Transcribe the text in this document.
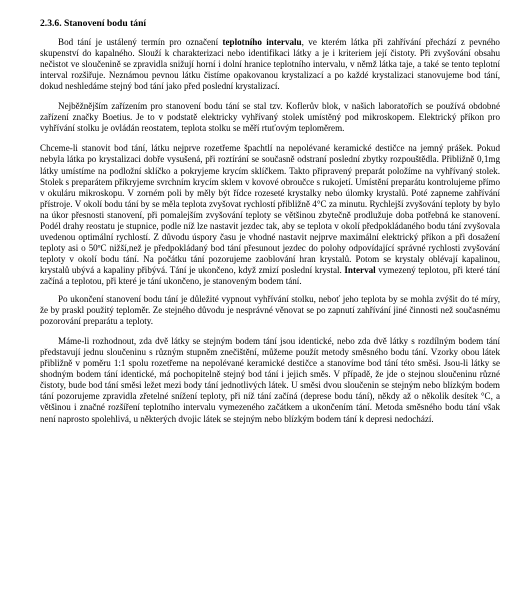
2.3.6. Stanovení bodu tání

Bod tání je ustálený termín pro označení teplotního intervalu, ve kterém látka při zahřívání přechází z pevného skupenství do kapalného. Slouží k charakterizaci nebo identifikaci látky a je i kriteriem její čistoty. Při zvyšování obsahu nečistot ve sloučenině se zpravidla snižují horní i dolní hranice teplotního intervalu, v němž látka taje, a také se tento teplotní interval rozšiřuje. Neznámou pevnou látku čistíme opakovanou krystalizací a po každé krystalizaci stanovujeme bod tání, dokud neshledáme stejný bod tání jako před poslední krystalizací.

Nejběžnějším zařízením pro stanovení bodu tání se stal tzv. Koflerův blok, v našich laboratořích se používá obdobné zařízení značky Boetius. Je to v podstatě elektricky vyhřívaný stolek umístěný pod mikroskopem. Elektrický příkon pro vyhřívání stolku je ovládán reostatem, teplota stolku se měří rtuťovým teploměrem.

Chceme-li stanovit bod tání, látku nejprve rozetřeme špachtlí na nepolévané keramické destičce na jemný prášek. Pokud nebyla látka po krystalizaci dobře vysušená, při roztírání se současně odstraní poslední zbytky rozpouštědla. Přibližně 0,1mg látky umístíme na podložní sklíčko a pokryjeme krycím sklíčkem. Takto připravený preparát položíme na vyhřívaný stolek. Stolek s preparátem přikryjeme svrchním krycím sklem v kovové obroučce s rukojetí. Umístění preparátu kontrolujeme přímo v okuláru mikroskopu. V zorném poli by měly být řídce rozeseté krystalky nebo úlomky krystalů. Poté zapneme zahřívání přístroje. V okolí bodu tání by se měla teplota zvyšovat rychlostí přibližně 4°C za minutu. Rychlejší zvyšování teploty by bylo na úkor přesnosti stanovení, při pomalejším zvyšování teploty se většinou zbytečně prodlužuje doba potřebná ke stanovení. Podél drahy reostatu je stupnice, podle níž lze nastavit jezdec tak, aby se teplota v okolí předpokládaného bodu tání zvyšovala uvedenou optimální rychlostí. Z důvodu úspory času je vhodné nastavit nejprve maximální elektrický příkon a při dosažení teploty asi o 50ºC nižší,než je předpokládaný bod tání přesunout jezdec do polohy odpovídající správné rychlosti zvyšování teploty v okolí bodu tání. Na počátku tání pozorujeme zaoblování hran krystalů. Potom se krystaly oblévají kapalinou, krystalů ubývá a kapaliny přibývá. Tání je ukončeno, když zmizí poslední krystal. Interval vymezený teplotou, při které tání začíná a teplotou, při které je tání ukončeno, je stanoveným bodem tání.

Po ukončení stanovení bodu tání je důležité vypnout vyhřívání stolku, neboť jeho teplota by se mohla zvýšit do té míry, že by praskl použitý teploměr. Ze stejného důvodu je nesprávné věnovat se po zapnutí zahřívání jiné činnosti než současnému pozorování preparátu a teploty.

Máme-li rozhodnout, zda dvě látky se stejným bodem tání jsou identické, nebo zda dvě látky s rozdílným bodem tání představují jednu sloučeninu s různým stupněm znečištění, můžeme použít metody směsného bodu tání. Vzorky obou látek přibližně v poměru 1:1 spolu rozetřeme na nepolévané keramické destičce a stanovíme bod tání této směsi. Jsou-li látky se shodným bodem tání identické, má pochopitelně stejný bod tání i jejich směs. V případě, že jde o stejnou sloučeninu různé čistoty, bude bod tání směsi ležet mezi body tání jednotlivých látek. U směsi dvou sloučenin se stejným nebo blízkým bodem tání pozorujeme zpravidla zřetelné snížení teploty, při níž tání začíná (deprese bodu tání), někdy až o několik desítek °C, a většinou i značné rozšíření teplotního intervalu vymezeného začátkem a ukončením tání. Metoda směsného bodu tání však není naprosto spolehlivá, u některých dvojic látek se stejným nebo blízkým bodem tání k depresi nedochází.
